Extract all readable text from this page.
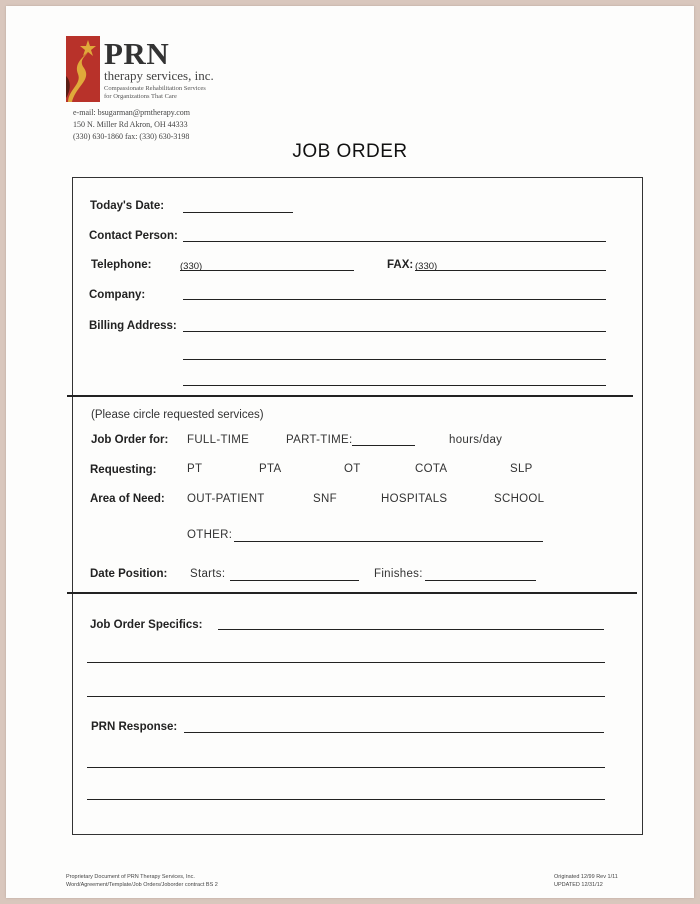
PRN
therapy services, inc.
Compassionate Rehabilitation Services
for Organizations That Care
e-mail: bsugarman@prntherapy.com
150 N. Miller Rd Akron, OH 44333
(330) 630-1860 fax: (330) 630-3198
JOB ORDER
Today's Date:
Contact Person:
Telephone:	(330)	FAX: (330)
Company:
Billing Address:
(Please circle requested services)
Job Order for: FULL-TIME	PART-TIME:	hours/day
Requesting:	PT	PTA	OT	COTA	SLP
Area of Need: OUT-PATIENT	SNF	HOSPITALS	SCHOOL
OTHER:
Date Position: Starts:	Finishes:
Job Order Specifics:
PRN Response:
Proprietary Document of PRN Therapy Services, Inc.
Word/Agreement/Template/Job Orders/Joborder contract BS 2
Originated 12/99 Rev 1/11
UPDATED 12/31/12
